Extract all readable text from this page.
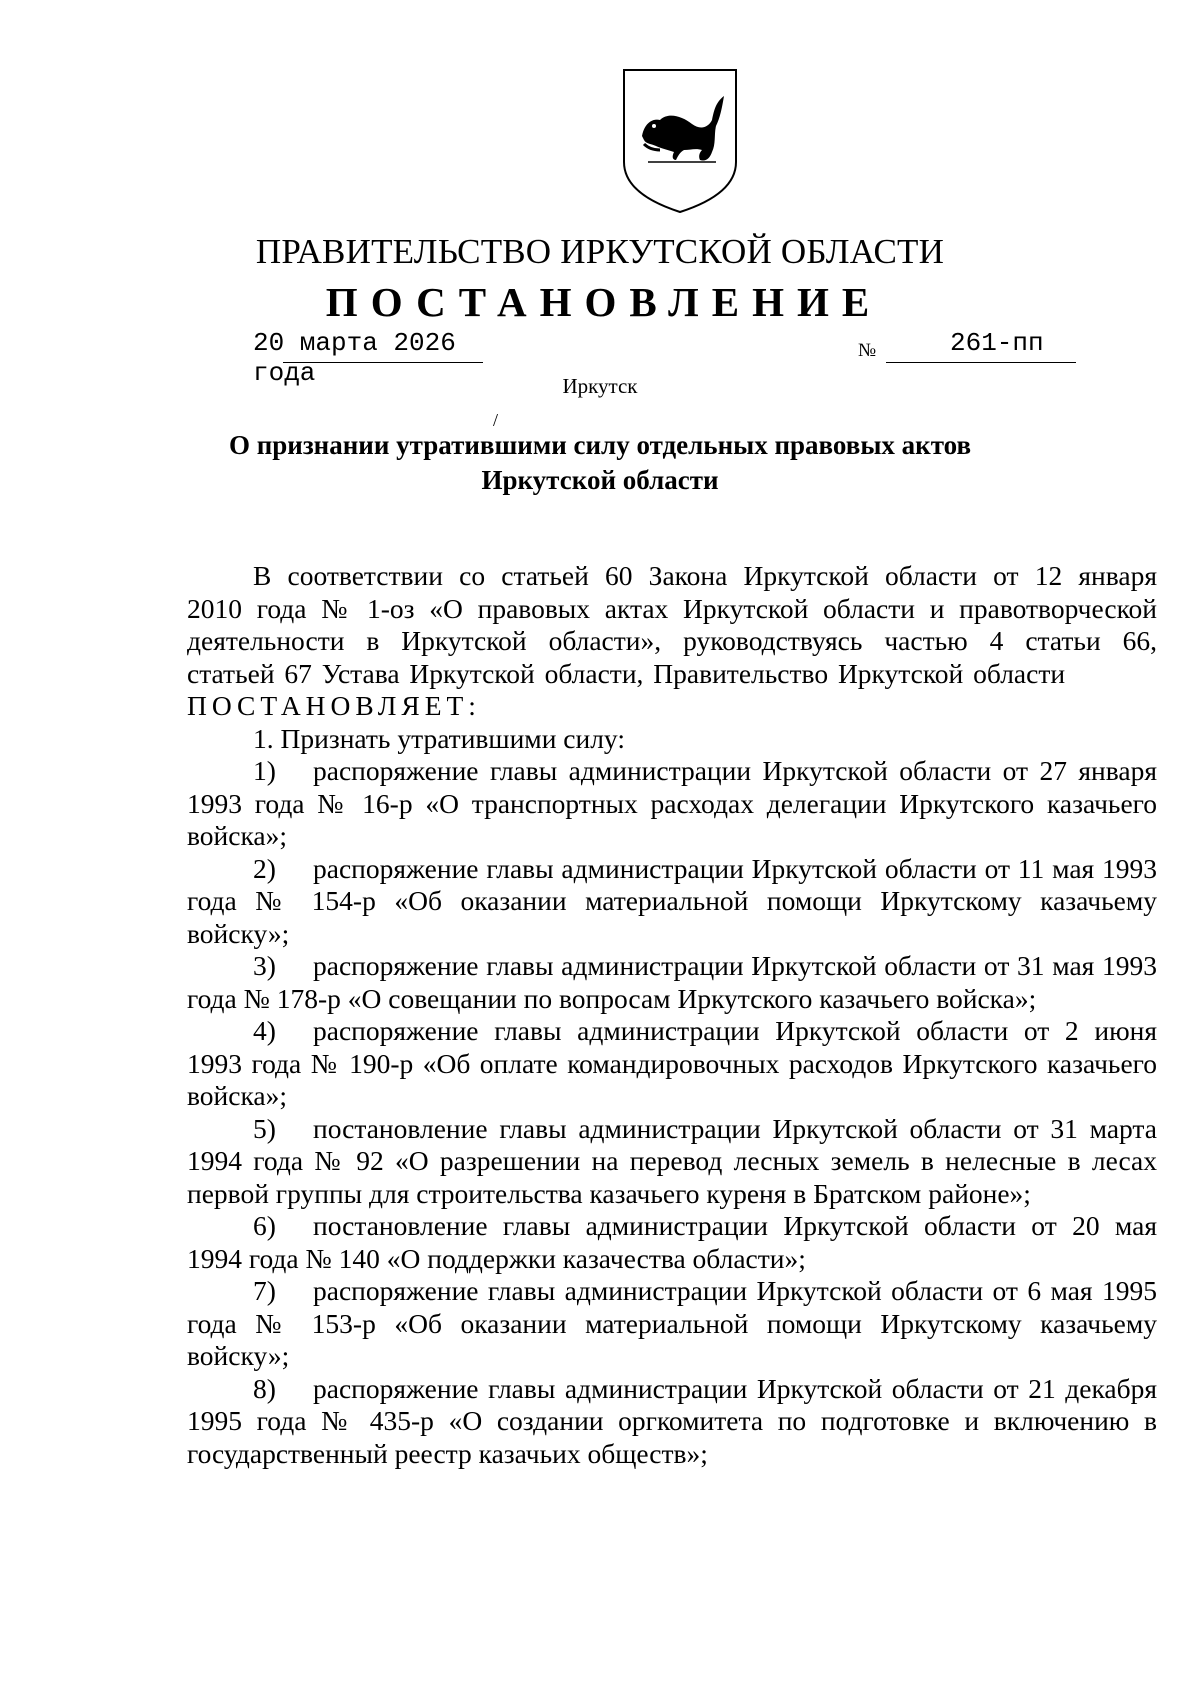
ПРАВИТЕЛЬСТВО ИРКУТСКОЙ ОБЛАСТИ
ПОСТАНОВЛЕНИЕ
20 марта 2026 года
№	261-пп
Иркутск
/
О признании утратившими силу отдельных правовых актов
Иркутской области

В соответствии со статьей 60 Закона Иркутской области от 12 января 2010 года № 1-оз «О правовых актах Иркутской области и правотворческой деятельности в Иркутской области», руководствуясь частью 4 статьи 66, статьей 67 Устава Иркутской области, Правительство Иркутской области

ПОСТАНОВЛЯЕТ:

1. Признать утратившими силу:

1) распоряжение главы администрации Иркутской области от 27 января 1993 года № 16-р «О транспортных расходах делегации Иркутского казачьего войска»;

2) распоряжение главы администрации Иркутской области от 11 мая 1993 года № 154-р «Об оказании материальной помощи Иркутскому казачьему войску»;

3) распоряжение главы администрации Иркутской области от 31 мая 1993 года № 178-р «О совещании по вопросам Иркутского казачьего войска»;

4) распоряжение главы администрации Иркутской области от 2 июня 1993 года № 190-р «Об оплате командировочных расходов Иркутского казачьего войска»;

5) постановление главы администрации Иркутской области от 31 марта 1994 года № 92 «О разрешении на перевод лесных земель в нелесные в лесах первой группы для строительства казачьего куреня в Братском районе»;

6) постановление главы администрации Иркутской области от 20 мая 1994 года № 140 «О поддержки казачества области»;

7) распоряжение главы администрации Иркутской области от 6 мая 1995 года № 153-р «Об оказании материальной помощи Иркутскому казачьему войску»;

8) распоряжение главы администрации Иркутской области от 21 декабря 1995 года № 435-р «О создании оргкомитета по подготовке и включению в государственный реестр казачьих обществ»;
